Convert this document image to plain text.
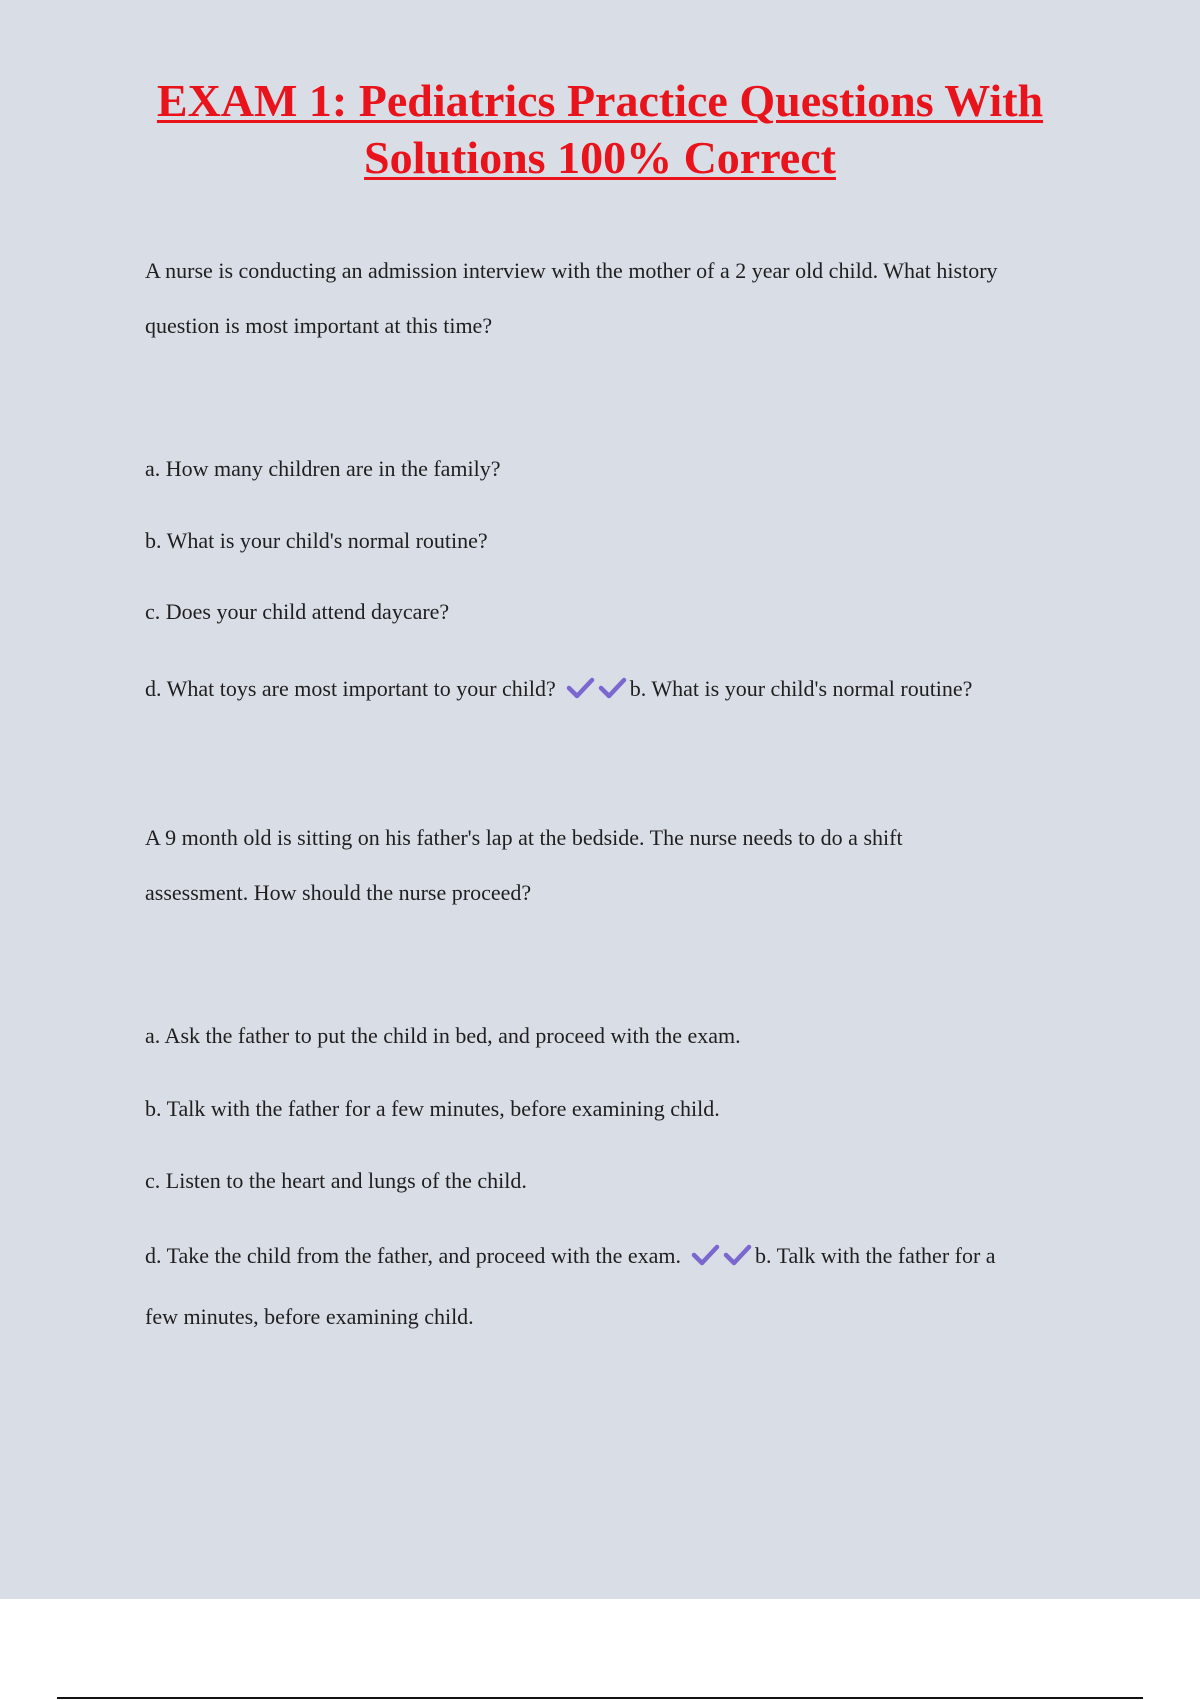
EXAM 1: Pediatrics Practice Questions With
Solutions 100% Correct

A nurse is conducting an admission interview with the mother of a 2 year old child. What history

question is most important at this time?

a. How many children are in the family?

b. What is your child's normal routine?

c. Does your child attend daycare?

d. What toys are most important to your child?	b. What is your child's normal routine?

A 9 month old is sitting on his father's lap at the bedside. The nurse needs to do a shift

assessment. How should the nurse proceed?

a. Ask the father to put the child in bed, and proceed with the exam.

b. Talk with the father for a few minutes, before examining child.

c. Listen to the heart and lungs of the child.

d. Take the child from the father, and proceed with the exam.	b. Talk with the father for a

few minutes, before examining child.
